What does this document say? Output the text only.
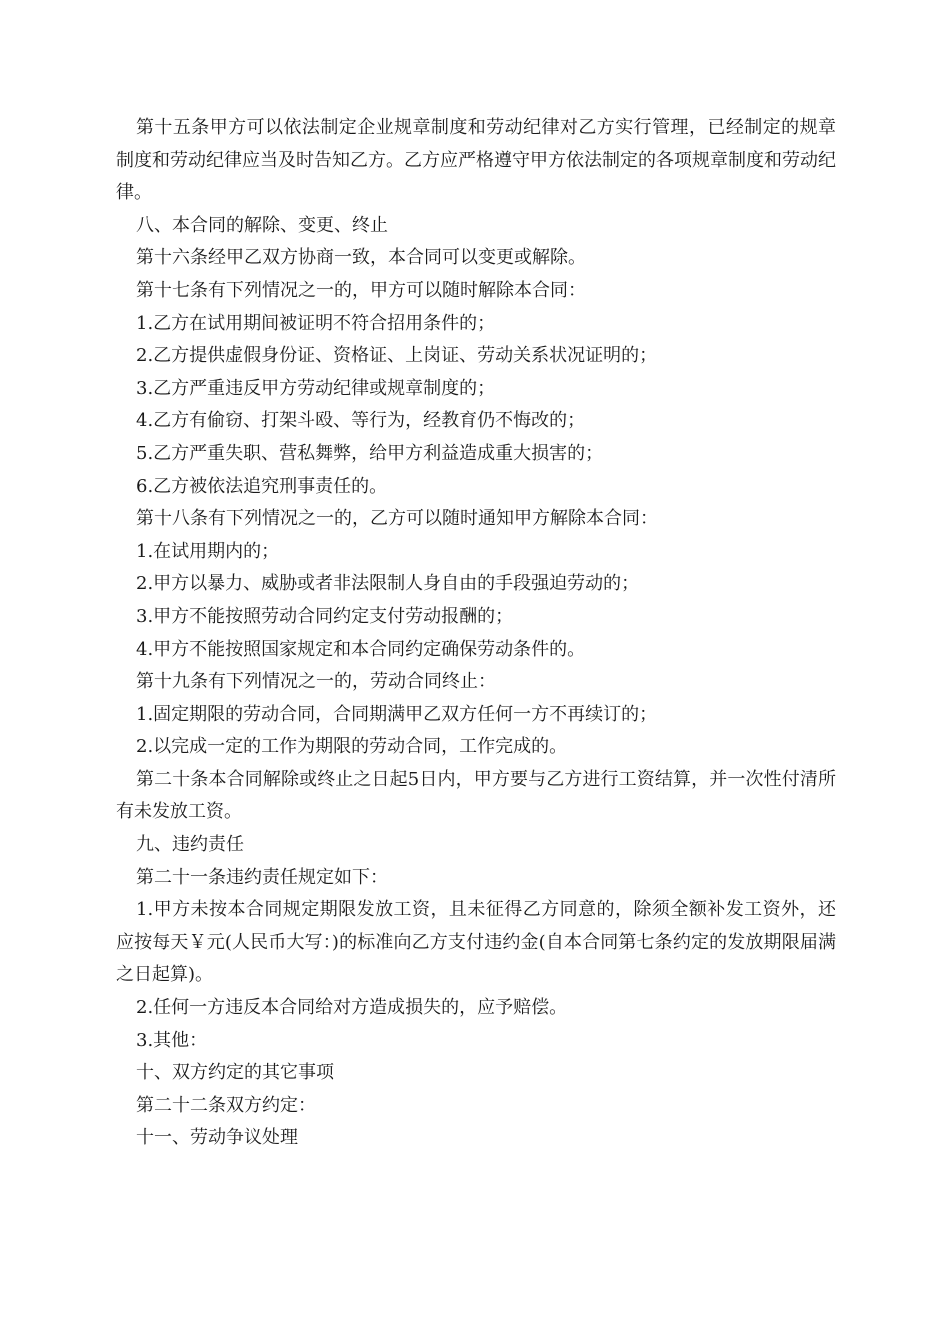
第十五条甲方可以依法制定企业规章制度和劳动纪律对乙方实行管理，已经制定的规章制度和劳动纪律应当及时告知乙方。乙方应严格遵守甲方依法制定的各项规章制度和劳动纪律。

八、本合同的解除、变更、终止

第十六条经甲乙双方协商一致，本合同可以变更或解除。

第十七条有下列情况之一的，甲方可以随时解除本合同：

1.乙方在试用期间被证明不符合招用条件的；

2.乙方提供虚假身份证、资格证、上岗证、劳动关系状况证明的；

3.乙方严重违反甲方劳动纪律或规章制度的；

4.乙方有偷窃、打架斗殴、等行为，经教育仍不悔改的；

5.乙方严重失职、营私舞弊，给甲方利益造成重大损害的；

6.乙方被依法追究刑事责任的。

第十八条有下列情况之一的，乙方可以随时通知甲方解除本合同：

1.在试用期内的；

2.甲方以暴力、威胁或者非法限制人身自由的手段强迫劳动的；

3.甲方不能按照劳动合同约定支付劳动报酬的；

4.甲方不能按照国家规定和本合同约定确保劳动条件的。

第十九条有下列情况之一的，劳动合同终止：

1.固定期限的劳动合同，合同期满甲乙双方任何一方不再续订的；

2.以完成一定的工作为期限的劳动合同，工作完成的。

第二十条本合同解除或终止之日起5日内，甲方要与乙方进行工资结算，并一次性付清所有未发放工资。

九、违约责任

第二十一条违约责任规定如下：

1.甲方未按本合同规定期限发放工资，且未征得乙方同意的，除须全额补发工资外，还应按每天￥元(人民币大写：)的标准向乙方支付违约金(自本合同第七条约定的发放期限届满之日起算)。

2.任何一方违反本合同给对方造成损失的，应予赔偿。

3.其他：

十、双方约定的其它事项

第二十二条双方约定：

十一、劳动争议处理
